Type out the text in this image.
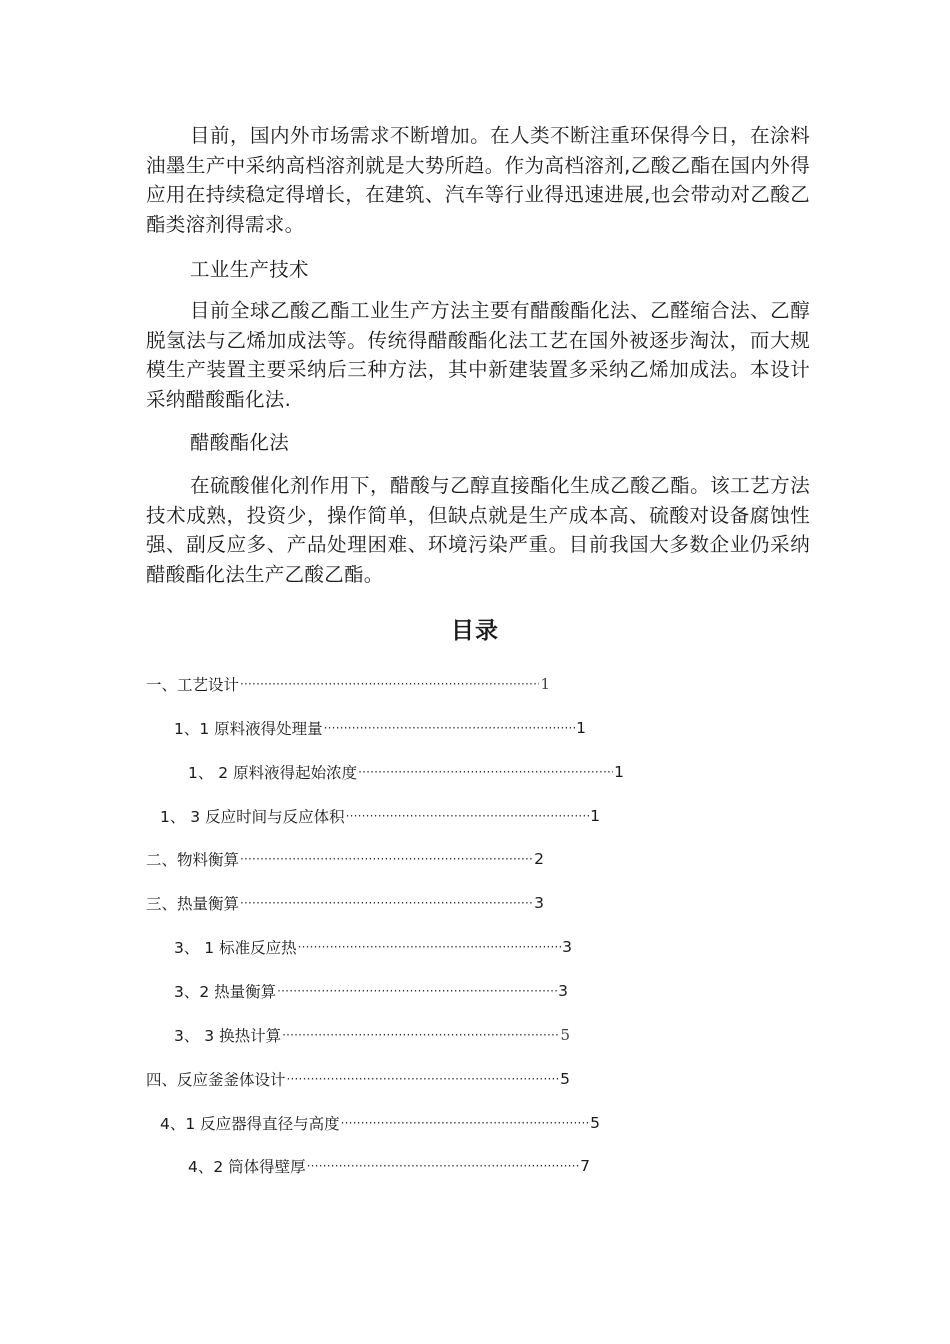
目前，国内外市场需求不断增加。在人类不断注重环保得今日，在涂料油墨生产中采纳高档溶剂就是大势所趋。作为高档溶剂,乙酸乙酯在国内外得应用在持续稳定得增长，在建筑、汽车等行业得迅速进展,也会带动对乙酸乙酯类溶剂得需求。

工业生产技术

目前全球乙酸乙酯工业生产方法主要有醋酸酯化法、乙醛缩合法、乙醇脱氢法与乙烯加成法等。传统得醋酸酯化法工艺在国外被逐步淘汰，而大规模生产装置主要采纳后三种方法，其中新建装置多采纳乙烯加成法。本设计采纳醋酸酯化法.

醋酸酯化法

在硫酸催化剂作用下，醋酸与乙醇直接酯化生成乙酸乙酯。该工艺方法技术成熟，投资少，操作简单，但缺点就是生产成本高、硫酸对设备腐蚀性强、副反应多、产品处理困难、环境污染严重。目前我国大多数企业仍采纳醋酸酯化法生产乙酸乙酯。

目录
一、工艺设计 ·····	1
1、1 原料液得处理量 ·····	1
1、 2 原料液得起始浓度 ·····	1
1、 3 反应时间与反应体积 ·····	1
二、物料衡算 ·····	2
三、热量衡算 ·····	3
3、 1 标准反应热 ·····	3
3、2 热量衡算 ·····	3
3、 3 换热计算 ·····	5
四、反应釜釜体设计 ·····	5
4、1 反应器得直径与高度 ·····	5
4、2 筒体得壁厚 ·····	7
